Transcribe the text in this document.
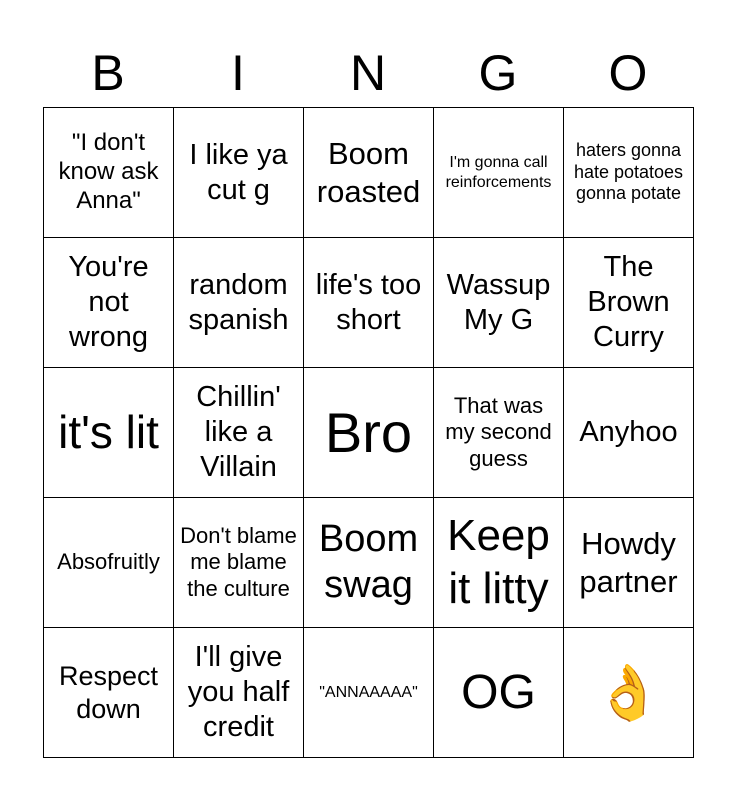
B	I	N	G	O
"I don't know ask Anna"
I like ya cut g
Boom roasted
I'm gonna call reinforcements
haters gonna hate potatoes gonna potate
You're not wrong
random spanish
life's too short
Wassup My G
The Brown Curry
it's lit
Chillin' like a Villain
Bro	That was my second guess
Anyhoo
Absofruitly
Don't blame me blame the culture
Boom swag
Keep it litty
Howdy partner
Respect down
I'll give you half credit
"ANNAAAAA" OG 👌
